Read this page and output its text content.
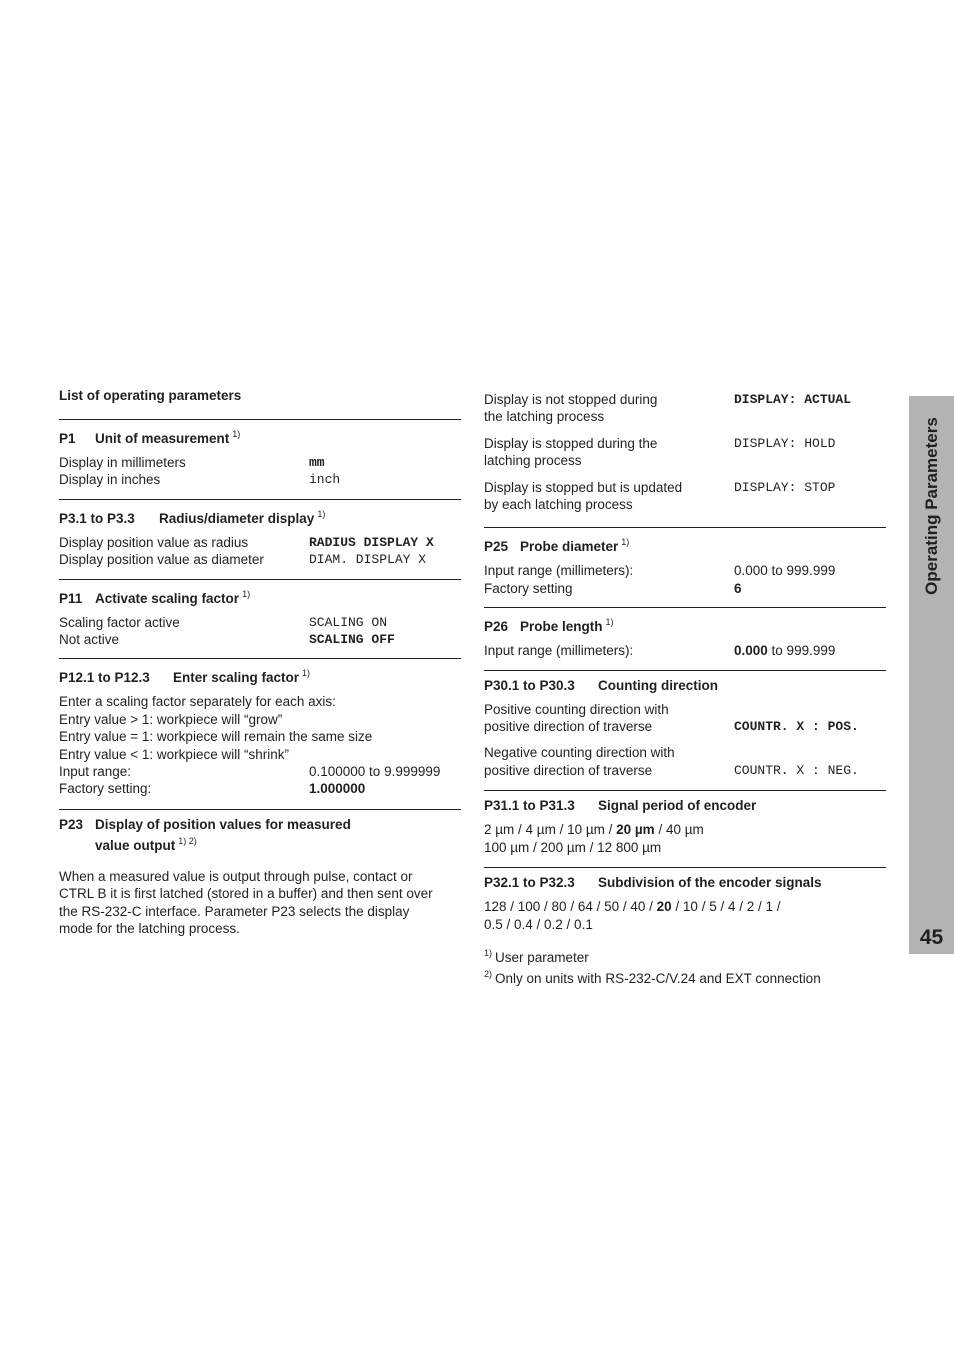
List of operating parameters
P1 Unit of measurement $^{1)}$
Display in millimeters	mm
Display in inches	inch
P3.1 to P3.3 Radius/diameter display $^{1)}$
Display position value as radius	RADIUS DISPLAY X
Display position value as diameter	DIAM. DISPLAY X
P11 Activate scaling factor $^{1)}$
Scaling factor active	SCALING ON
Not active	SCALING OFF
P12.1 to P12.3 Enter scaling factor $^{1)}$
Enter a scaling factor separately for each axis:
Entry value > 1: workpiece will “grow”
Entry value = 1: workpiece will remain the same size
Entry value < 1: workpiece will “shrink”
Input range:	0.100000 to 9.999999
Factory setting:	1.000000
P23 Display of position values for measured
value output $^{1) 2)}$
When a measured value is output through pulse, contact or
CTRL B it is first latched (stored in a buffer) and then sent over
the RS-232-C interface. Parameter P23 selects the display
mode for the latching process.
Display is not stopped during
the latching process
DISPLAY: ACTUAL
Display is stopped during the
latching process
DISPLAY: HOLD
Display is stopped but is updated
by each latching process
DISPLAY: STOP
P25 Probe diameter $^{1)}$
Input range (millimeters):	0.000 to 999.999
Factory setting	6
P26 Probe length $^{1)}$
Input range (millimeters):	0.000 to 999.999
P30.1 to P30.3 Counting direction
Positive counting direction with
positive direction of traverse	COUNTR. X : POS.
Negative counting direction with
positive direction of traverse	COUNTR. X : NEG.
P31.1 to P31.3 Signal period of encoder
2 µm / 4 µm / 10 µm / 20 µm / 40 µm
100 µm / 200 µm / 12 800 µm
P32.1 to P32.3 Subdivision of the encoder signals
128 / 100 / 80 / 64 / 50 / 40 / 20 / 10 / 5 / 4 / 2 / 1 /
0.5 / 0.4 / 0.2 / 0.1
$^{1)}$ User parameter
$^{2)}$ Only on units with RS-232-C/V.24 and EXT connection
Operating Parameters
45
